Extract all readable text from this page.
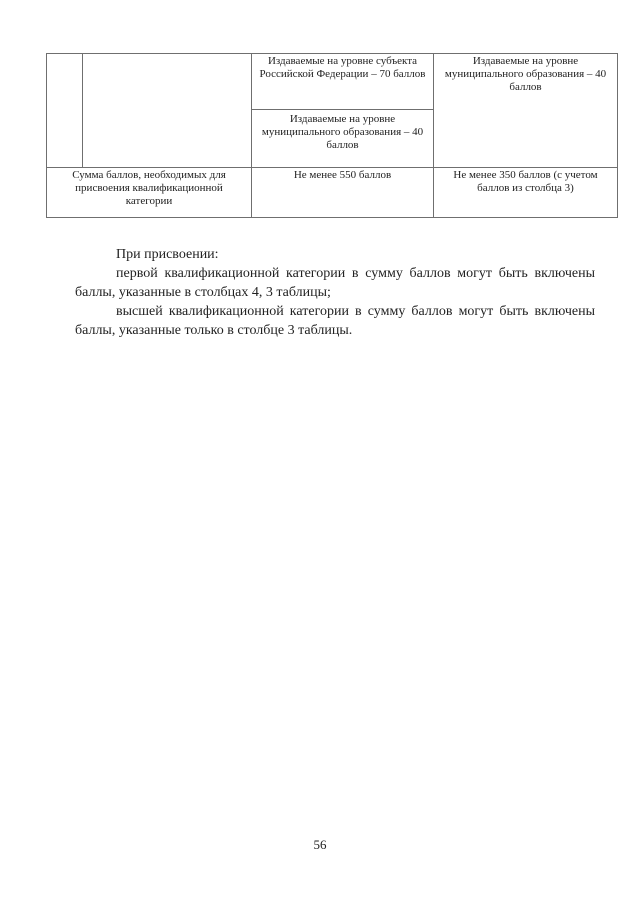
		Издаваемые на уровне субъекта Российской Федерации – 70 баллов	Издаваемые на уровне муниципального образования – 40 баллов
		Издаваемые на уровне муниципального образования – 40 баллов	
Сумма баллов, необходимых для присвоения квалификационной категории		Не менее 550 баллов	Не менее 350 баллов (с учетом баллов из столбца 3)
При присвоении:
первой квалификационной категории в сумму баллов могут быть включены баллы, указанные в столбцах 4, 3 таблицы;
высшей квалификационной категории в сумму баллов могут быть включены баллы, указанные только в столбце 3 таблицы.
56
